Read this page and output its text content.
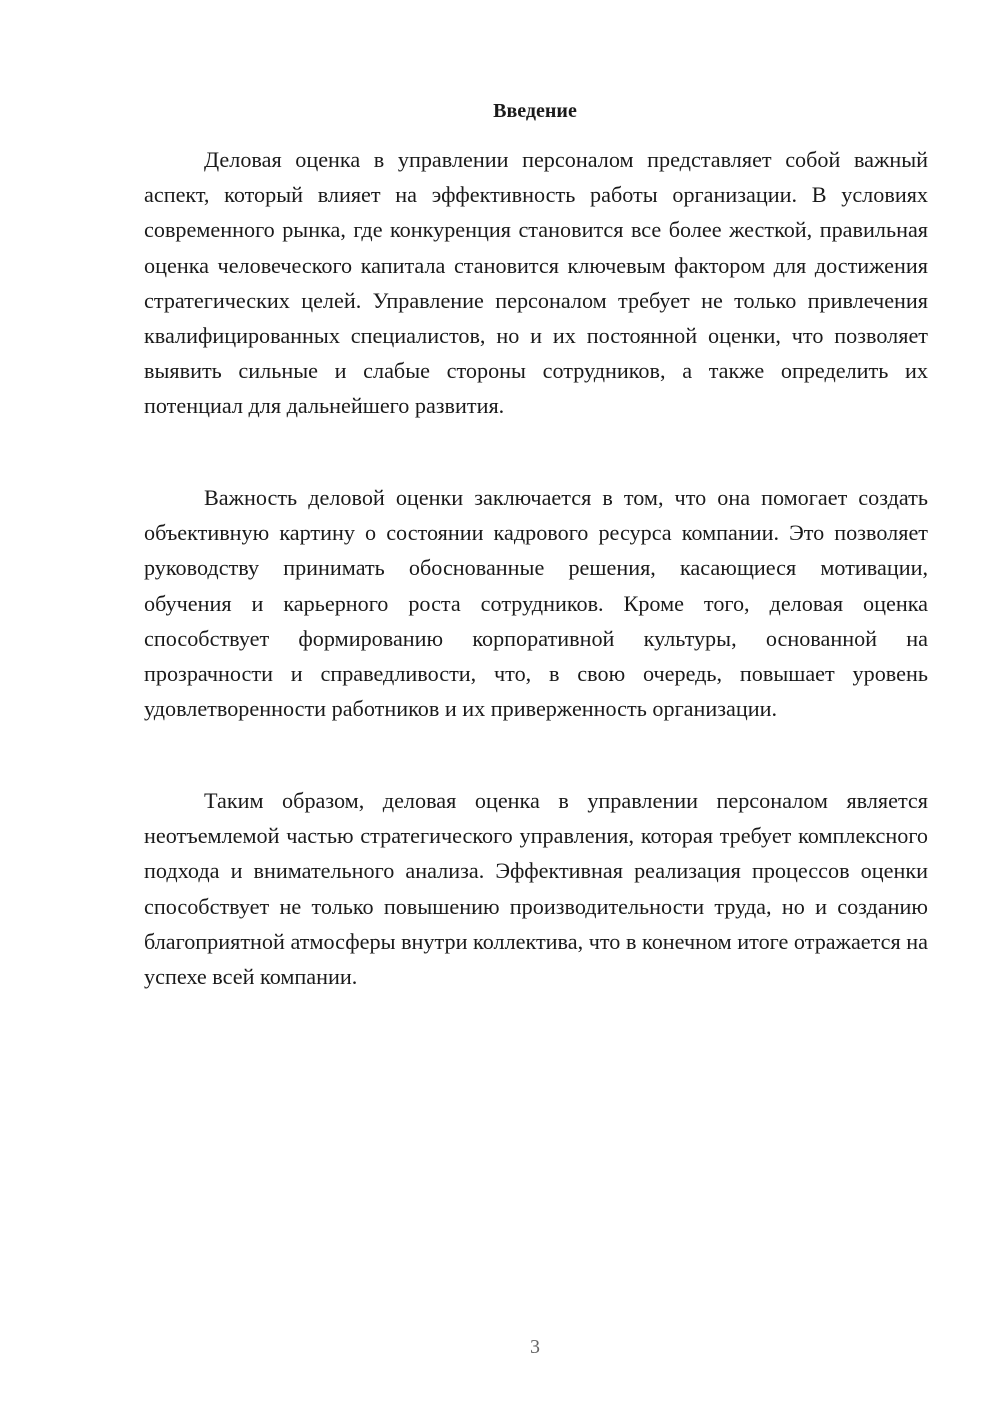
Введение

Деловая оценка в управлении персоналом представляет собой важный аспект, который влияет на эффективность работы организации. В условиях современного рынка, где конкуренция становится все более жесткой, правильная оценка человеческого капитала становится ключевым фактором для достижения стратегических целей. Управление персоналом требует не только привлечения квалифицированных специалистов, но и их постоянной оценки, что позволяет выявить сильные и слабые стороны сотрудников, а также определить их потенциал для дальнейшего развития.

Важность деловой оценки заключается в том, что она помогает создать объективную картину о состоянии кадрового ресурса компании. Это позволяет руководству принимать обоснованные решения, касающиеся мотивации, обучения и карьерного роста сотрудников. Кроме того, деловая оценка способствует формированию корпоративной культуры, основанной на прозрачности и справедливости, что, в свою очередь, повышает уровень удовлетворенности работников и их приверженность организации.

Таким образом, деловая оценка в управлении персоналом является неотъемлемой частью стратегического управления, которая требует комплексного подхода и внимательного анализа. Эффективная реализация процессов оценки способствует не только повышению производительности труда, но и созданию благоприятной атмосферы внутри коллектива, что в конечном итоге отражается на успехе всей компании.

3
